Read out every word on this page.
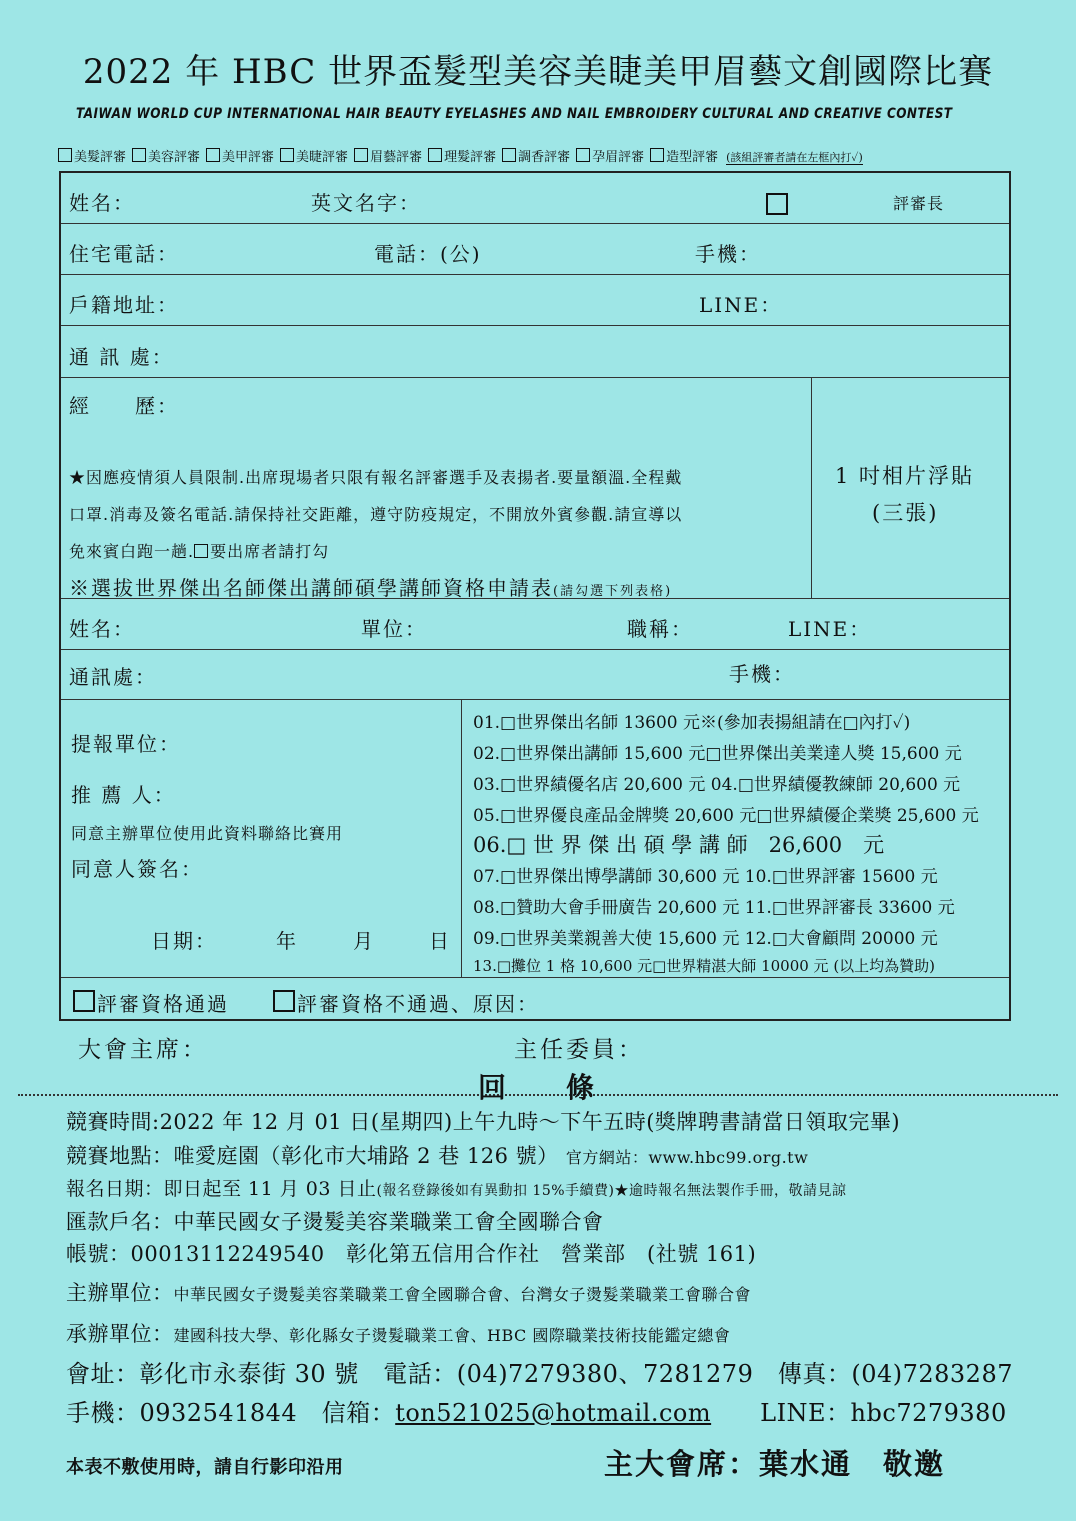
2022 年 HBC 世界盃髮型美容美睫美甲眉藝文創國際比賽
TAIWAN WORLD CUP INTERNATIONAL HAIR BEAUTY EYELASHES AND NAIL EMBROIDERY CULTURAL AND CREATIVE CONTEST
美髮評審 美容評審 美甲評審 美睫評審 眉藝評審 理髮評審 調香評審 孕眉評審 造型評審 (該組評審者請在左框內打✓)
姓名：	英文名字：	評審長
住宅電話：	電話：(公)	手機：
戶籍地址：	LINE：
通 訊 處：
經　　歷：
★因應疫情須人員限制.出席現場者只限有報名評審選手及表揚者.要量額溫.全程戴
口罩.消毒及簽名電話.請保持社交距離，遵守防疫規定，不開放外賓參觀.請宣導以
免來賓白跑一趟. 要出席者請打勾
※選拔世界傑出名師傑出講師碩學講師資格申請表(請勾選下列表格)
1 吋相片浮貼
(三張)
姓名：	單位：	職稱：	LINE：
通訊處：	手機：
提報單位：
推 薦 人：
同意主辦單位使用此資料聯絡比賽用
同意人簽名：
日期：	年	月	日
01.□世界傑出名師 13600 元※(參加表揚組請在□內打✓)
02.□世界傑出講師 15,600 元□世界傑出美業達人獎 15,600 元
03.□世界績優名店 20,600 元 04.□世界績優教練師 20,600 元
05.□世界優良產品金牌獎 20,600 元□世界績優企業獎 25,600 元
06.□ 世 界 傑 出 碩 學 講 師　26,600　元
07.□世界傑出博學講師 30,600 元 10.□世界評審 15600 元
08.□贊助大會手冊廣告 20,600 元 11.□世界評審長 33600 元
09.□世界美業親善大使 15,600 元 12.□大會顧問 20000 元
13.□攤位 1 格 10,600 元□世界精湛大師 10000 元 (以上均為贊助)
評審資格通過	評審資格不通過、原因：
大會主席：	主任委員：
回條
競賽時間:2022 年 12 月 01 日(星期四)上午九時～下午五時(獎牌聘書請當日領取完畢)
競賽地點：唯愛庭園（彰化市大埔路 2 巷 126 號） 官方網站：www.hbc99.org.tw
報名日期：即日起至 11 月 03 日止(報名登錄後如有異動扣 15%手續費)★逾時報名無法製作手冊，敬請見諒
匯款戶名：中華民國女子燙髮美容業職業工會全國聯合會
帳號：00013112249540　彰化第五信用合作社　營業部　(社號 161)
主辦單位：中華民國女子燙髮美容業職業工會全國聯合會、台灣女子燙髮業職業工會聯合會
承辦單位：建國科技大學、彰化縣女子燙髮職業工會、HBC 國際職業技術技能鑑定總會
會址：彰化市永泰街 30 號　電話：(04)7279380、7281279　傳真：(04)7283287
手機：0932541844　信箱：ton521025@hotmail.com　　 LINE：hbc7279380
本表不敷使用時，請自行影印沿用	主大會席：葉水通　敬邀
